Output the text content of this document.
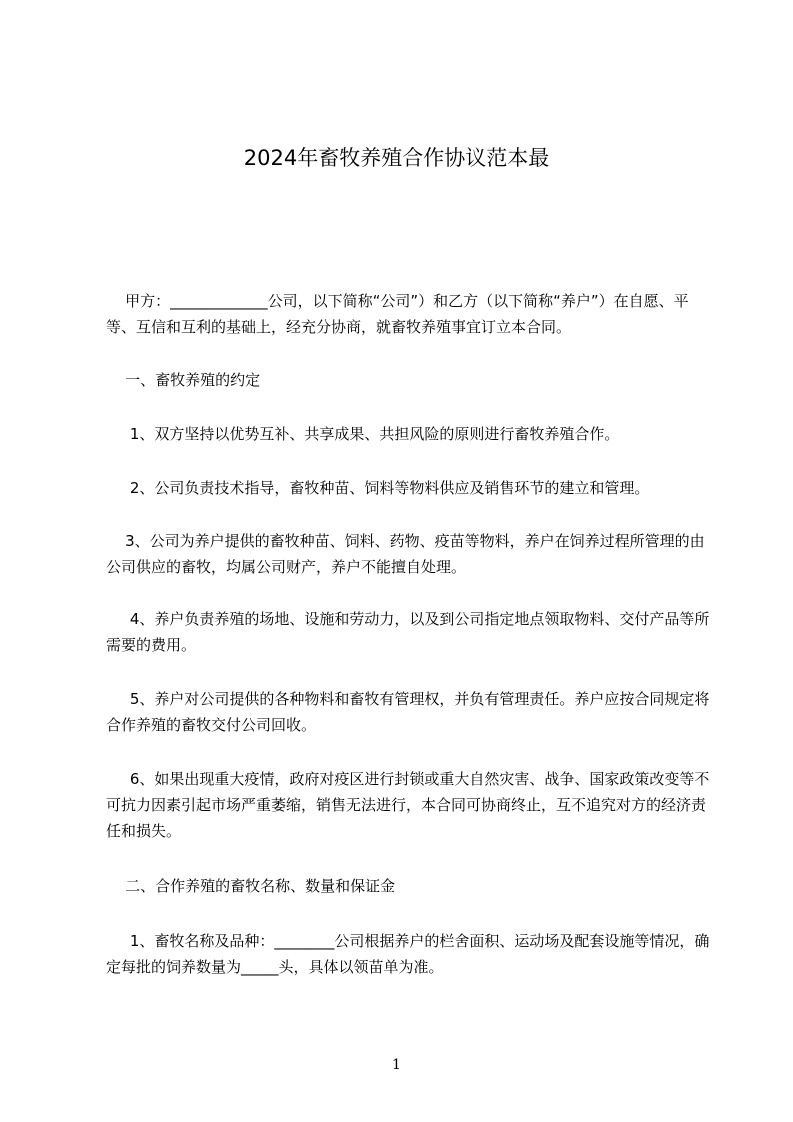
2024年畜牧养殖合作协议范本最

甲方：_____________公司，以下简称“公司”）和乙方（以下简称“养户”）在自愿、平等、互信和互利的基础上，经充分协商，就畜牧养殖事宜订立本合同。

一、畜牧养殖的约定

1、双方坚持以优势互补、共享成果、共担风险的原则进行畜牧养殖合作。

2、公司负责技术指导，畜牧种苗、饲料等物料供应及销售环节的建立和管理。

3、公司为养户提供的畜牧种苗、饲料、药物、疫苗等物料，养户在饲养过程所管理的由公司供应的畜牧，均属公司财产，养户不能擅自处理。

4、养户负责养殖的场地、设施和劳动力，以及到公司指定地点领取物料、交付产品等所需要的费用。

5、养户对公司提供的各种物料和畜牧有管理权，并负有管理责任。养户应按合同规定将合作养殖的畜牧交付公司回收。

6、如果出现重大疫情，政府对疫区进行封锁或重大自然灾害、战争、国家政策改变等不可抗力因素引起市场严重萎缩，销售无法进行，本合同可协商终止，互不追究对方的经济责任和损失。

二、合作养殖的畜牧名称、数量和保证金

1、畜牧名称及品种：________公司根据养户的栏舍面积、运动场及配套设施等情况，确定每批的饲养数量为_____头，具体以领苗单为准。

1
